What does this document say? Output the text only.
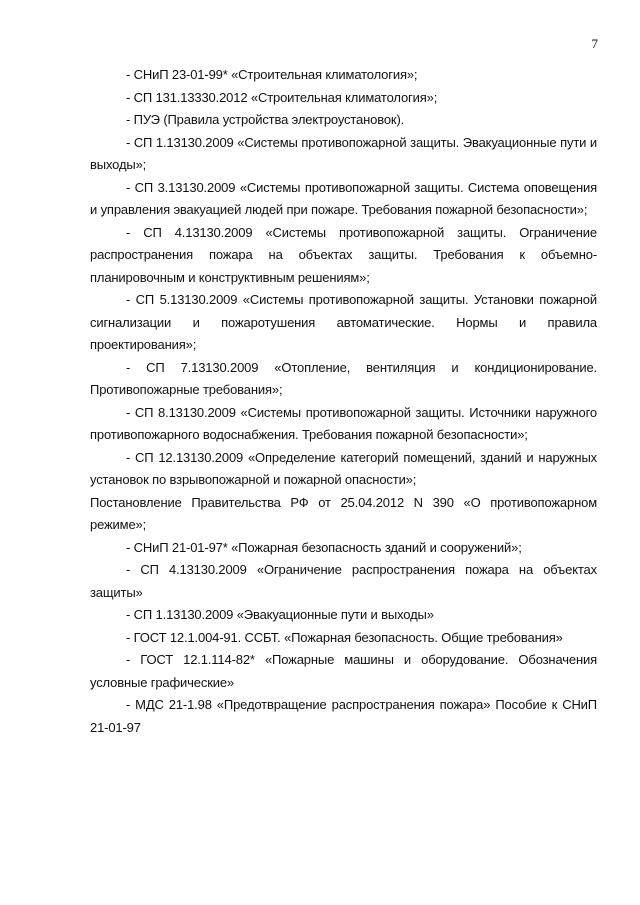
7

- СНиП 23-01-99* «Строительная климатология»;

- СП 131.13330.2012 «Строительная климатология»;

- ПУЭ (Правила устройства электроустановок).

- СП 1.13130.2009 «Системы противопожарной защиты. Эвакуационные пути и выходы»;

- СП 3.13130.2009 «Системы противопожарной защиты. Система оповещения и управления эвакуацией людей при пожаре. Требования пожарной безопасности»;

- СП 4.13130.2009 «Системы противопожарной защиты. Ограничение распространения пожара на объектах защиты. Требования к объемно-планировочным и конструктивным решениям»;

- СП 5.13130.2009 «Системы противопожарной защиты. Установки пожарной сигнализации и пожаротушения автоматические. Нормы и правила проектирования»;

- СП 7.13130.2009 «Отопление, вентиляция и кондиционирование. Противопожарные требования»;

- СП 8.13130.2009 «Системы противопожарной защиты. Источники наружного противопожарного водоснабжения. Требования пожарной безопасности»;

- СП 12.13130.2009 «Определение категорий помещений, зданий и наружных установок по взрывопожарной и пожарной опасности»;

Постановление Правительства РФ от 25.04.2012 N 390 «О противопожарном режиме»;

- СНиП 21-01-97* «Пожарная безопасность зданий и сооружений»;

- СП 4.13130.2009 «Ограничение распространения пожара на объектах защиты»

- СП 1.13130.2009 «Эвакуационные пути и выходы»

- ГОСТ 12.1.004-91. ССБТ. «Пожарная безопасность. Общие требования»

- ГОСТ 12.1.114-82* «Пожарные машины и оборудование. Обозначения условные графические»

- МДС 21-1.98 «Предотвращение распространения пожара» Пособие к СНиП 21-01-97
